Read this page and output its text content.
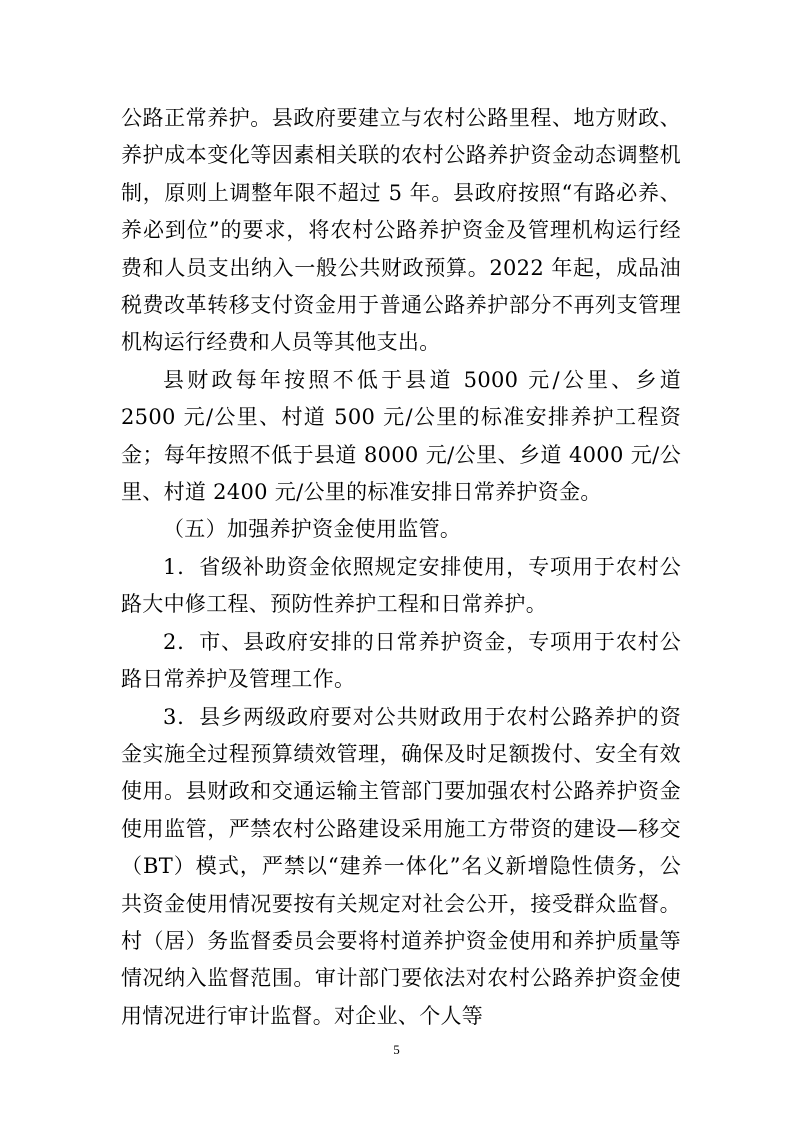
公路正常养护。县政府要建立与农村公路里程、地方财政、养护成本变化等因素相关联的农村公路养护资金动态调整机制，原则上调整年限不超过 5 年。县政府按照“有路必养、养必到位”的要求，将农村公路养护资金及管理机构运行经费和人员支出纳入一般公共财政预算。2022 年起，成品油税费改革转移支付资金用于普通公路养护部分不再列支管理机构运行经费和人员等其他支出。

县财政每年按照不低于县道 5000 元/公里、乡道 2500 元/公里、村道 500 元/公里的标准安排养护工程资金；每年按照不低于县道 8000 元/公里、乡道 4000 元/公里、村道 2400 元/公里的标准安排日常养护资金。

（五）加强养护资金使用监管。

1．省级补助资金依照规定安排使用，专项用于农村公路大中修工程、预防性养护工程和日常养护。

2．市、县政府安排的日常养护资金，专项用于农村公路日常养护及管理工作。

3．县乡两级政府要对公共财政用于农村公路养护的资金实施全过程预算绩效管理，确保及时足额拨付、安全有效使用。县财政和交通运输主管部门要加强农村公路养护资金使用监管，严禁农村公路建设采用施工方带资的建设—移交（BT）模式，严禁以“建养一体化”名义新增隐性债务，公共资金使用情况要按有关规定对社会公开，接受群众监督。村（居）务监督委员会要将村道养护资金使用和养护质量等情况纳入监督范围。审计部门要依法对农村公路养护资金使用情况进行审计监督。对企业、个人等

5
